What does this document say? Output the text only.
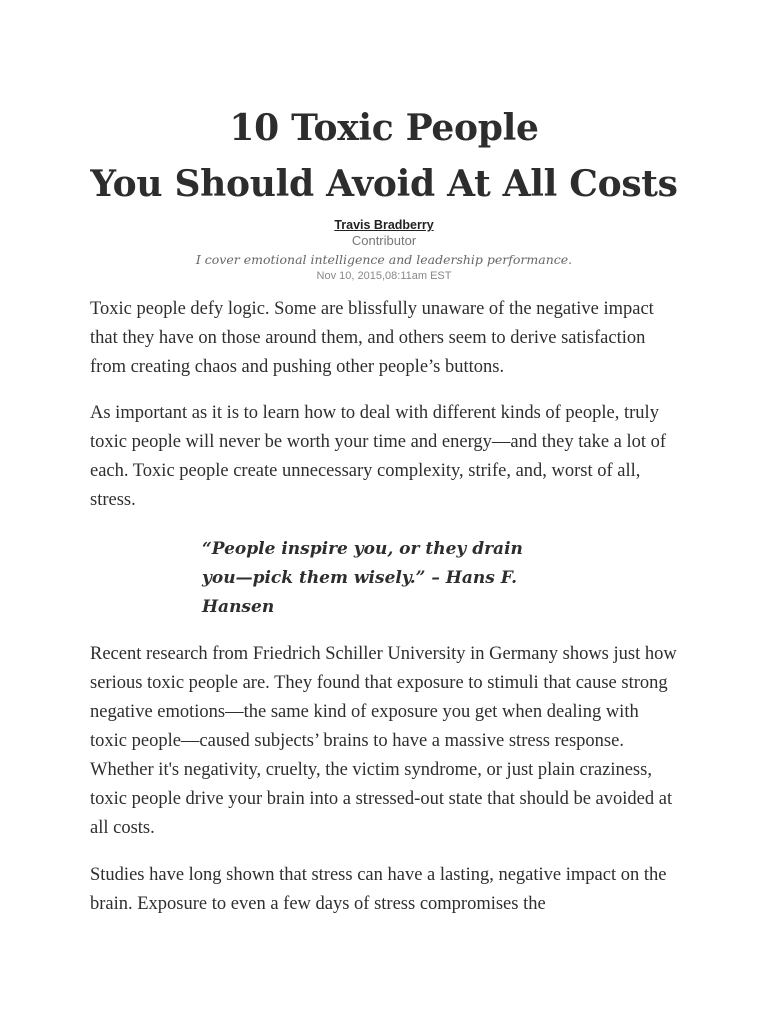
10 Toxic People
You Should Avoid At All Costs
Travis Bradberry
Contributor
I cover emotional intelligence and leadership performance.
Nov 10, 2015,08:11am EST

Toxic people defy logic. Some are blissfully unaware of the negative impact that they have on those around them, and others seem to derive satisfaction from creating chaos and pushing other people’s buttons.

As important as it is to learn how to deal with different kinds of people, truly toxic people will never be worth your time and energy—and they take a lot of each. Toxic people create unnecessary complexity, strife, and, worst of all, stress.

“People inspire you, or they drain you—pick them wisely.” – Hans F. Hansen

Recent research from Friedrich Schiller University in Germany shows just how serious toxic people are. They found that exposure to stimuli that cause strong negative emotions—the same kind of exposure you get when dealing with toxic people—caused subjects’ brains to have a massive stress response. Whether it's negativity, cruelty, the victim syndrome, or just plain craziness, toxic people drive your brain into a stressed-out state that should be avoided at all costs.

Studies have long shown that stress can have a lasting, negative impact on the brain. Exposure to even a few days of stress compromises the
